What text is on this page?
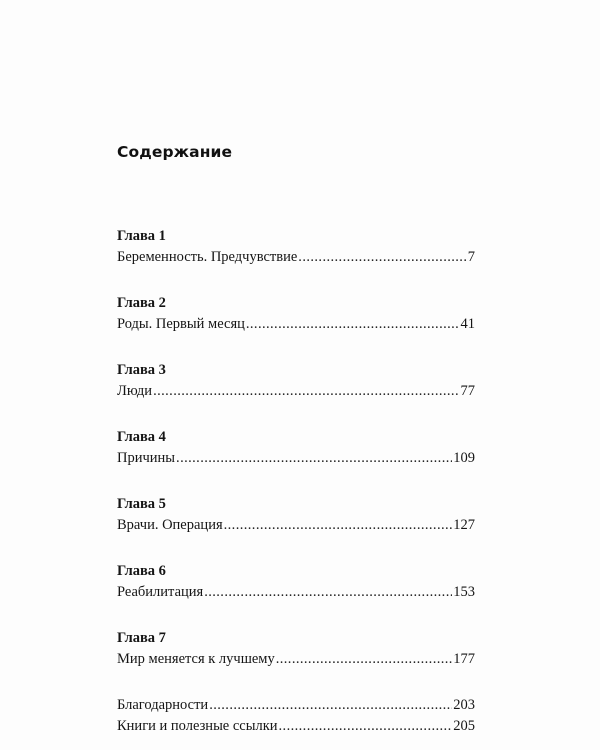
Содержание
Глава 1
Беременность. Предчувствие .....	7
Глава 2
Роды. Первый месяц .....	41
Глава 3
Люди .....	77
Глава 4
Причины .....	109
Глава 5
Врачи. Операция .....	127
Глава 6
Реабилитация .....	153
Глава 7
Мир меняется к лучшему .....	177
Благодарности .....	203
Книги и полезные ссылки .....	205
